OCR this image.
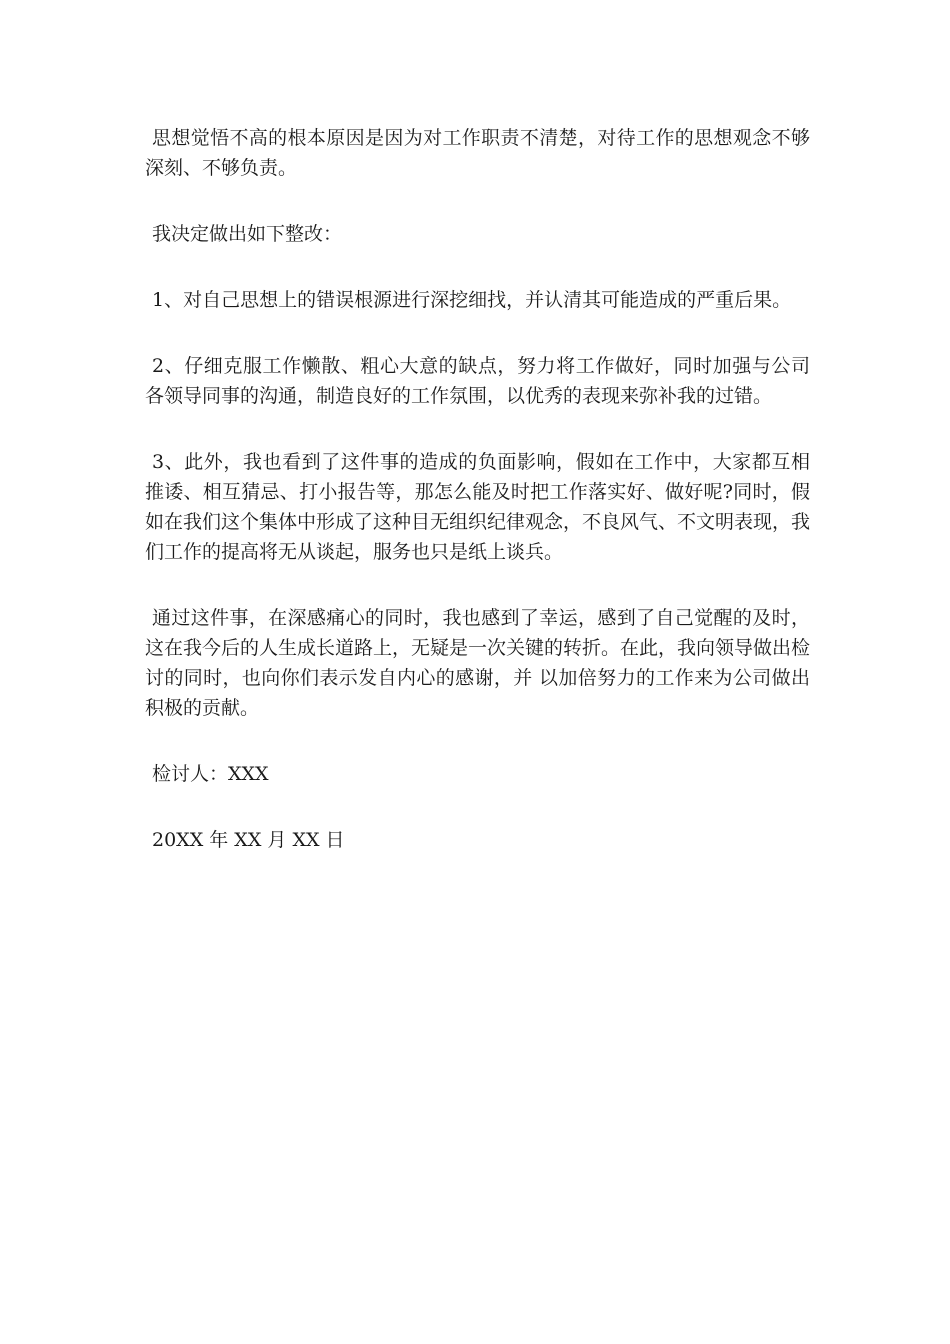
思想觉悟不高的根本原因是因为对工作职责不清楚，对待工作的思想观念不够深刻、不够负责。

我决定做出如下整改：

1、对自己思想上的错误根源进行深挖细找，并认清其可能造成的严重后果。

2、仔细克服工作懒散、粗心大意的缺点，努力将工作做好，同时加强与公司各领导同事的沟通，制造良好的工作氛围，以优秀的表现来弥补我的过错。

3、此外，我也看到了这件事的造成的负面影响，假如在工作中，大家都互相推诿、相互猜忌、打小报告等，那怎么能及时把工作落实好、做好呢?同时，假如在我们这个集体中形成了这种目无组织纪律观念，不良风气、不文明表现，我们工作的提高将无从谈起，服务也只是纸上谈兵。

通过这件事，在深感痛心的同时，我也感到了幸运，感到了自己觉醒的及时，这在我今后的人生成长道路上，无疑是一次关键的转折。在此，我向领导做出检讨的同时，也向你们表示发自内心的感谢，并 以加倍努力的工作来为公司做出积极的贡献。

检讨人：XXX

20XX 年 XX 月 XX 日
